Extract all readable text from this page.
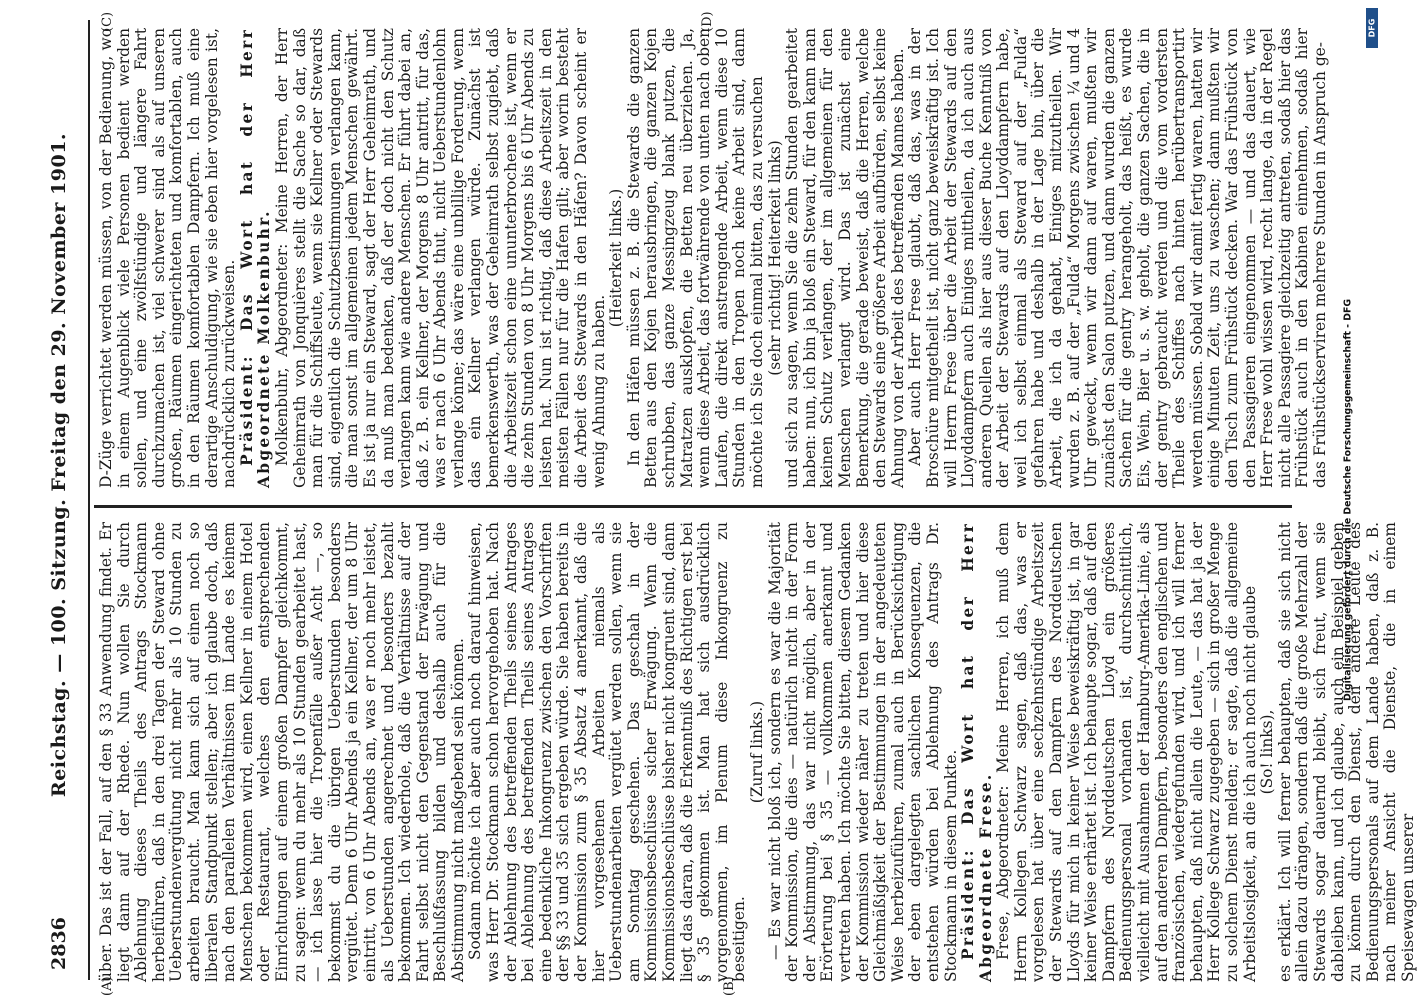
2836
Reichstag. — 100. Sitzung. Freitag den 29. November 1901.
(A)	(B)
(C)	(D)

über. Das ist der Fall, auf den § 33 Anwendung findet. Er liegt dann auf der Rhede. Nun wollen Sie durch Ablehnung dieses Theils des Antrags Stockmann herbeiführen, daß in den drei Tagen der Steward ohne Ueberstundenvergütung nicht mehr als 10 Stunden zu arbeiten braucht. Man kann sich auf einen noch so liberalen Standpunkt stellen; aber ich glaube doch, daß nach den parallelen Verhältnissen im Lande es keinem Menschen bekommen wird, einen Kellner in einem Hotel oder Restaurant, welches den entsprechenden Einrichtungen auf einem großen Dampfer gleichkommt, zu sagen: wenn du mehr als 10 Stunden gearbeitet hast, — ich lasse hier die Tropenfälle außer Acht —, so bekommst du die übrigen Ueberstunden besonders vergütet. Denn 6 Uhr Abends ja ein Kellner, der um 8 Uhr eintritt, von 6 Uhr Abends an, was er noch mehr leistet, als Ueberstunden angerechnet und besonders bezahlt bekommen. Ich wiederhole, daß die Verhältnisse auf der Fahrt selbst nicht den Gegenstand der Erwägung und Beschlußfassung bilden und deshalb auch für die Abstimmung nicht maßgebend sein können. Sodann möchte ich aber auch noch darauf hinweisen, was Herr Dr. Stockmann schon hervorgehoben hat. Nach der Ablehnung des betreffenden Theils seines Antrages bei Ablehnung des betreffenden Theils seines Antrages eine bedenkliche Inkongruenz zwischen den Vorschriften der §§ 33 und 35 sich ergeben würde. Sie haben bereits in der Kommission zum § 35 Absatz 4 anerkannt, daß die hier vorgesehenen Arbeiten niemals als Ueberstundenarbeiten vergütet werden sollen, wenn sie am Sonntag geschehen. Das geschah in der Kommissionsbeschlüsse sicher Erwägung. Wenn die Kommissionsbeschlüsse bisher nicht kongruent sind, dann liegt das daran, daß die Erkenntniß des Richtigen erst bei § 35 gekommen ist. Man hat sich ausdrücklich vorgenommen, im Plenum diese Inkongruenz zu beseitigen.

(Zuruf links.) — Es war nicht bloß ich, sondern es war die Majorität der Kommission, die dies — natürlich nicht in der Form der Abstimmung, das war nicht möglich, aber in der Erörterung bei § 35 — vollkommen anerkannt und vertreten haben. Ich möchte Sie bitten, diesem Gedanken der Kommission wieder näher zu treten und hier diese Gleichmäßigkeit der Bestimmungen in der angedeuteten Weise herbeizuführen, zumal auch in Berücksichtigung der eben dargelegten sachlichen Konsequenzen, die entstehen würden bei Ablehnung des Antrags Dr. Stockmann in diesem Punkte. Präsident: Das Wort hat der Herr Abgeordnete Frese. Frese, Abgeordneter: Meine Herren, ich muß dem Herrn Kollegen Schwarz sagen, daß das, was er vorgelesen hat über eine sechzehnstündige Arbeitszeit der Stewards auf den Dampfern des Norddeutschen Lloyds für mich in keiner Weise beweiskräftig ist, in gar keiner Weise erhärtet ist. Ich behaupte sogar, daß auf den Dampfern des Norddeutschen Lloyd ein größeres Bedienungspersonal vorhanden ist, durchschnittlich, vielleicht mit Ausnahmen der Hamburg-Amerika-Linie, als auf den anderen Dampfern, besonders den englischen und französischen, wiedergefunden wird, und ich will ferner behaupten, daß nicht allein die Leute, — das hat ja der Herr Kollege Schwarz zugegeben — sich in großer Menge zu solchem Dienst melden; er sagte, daß die allgemeine Arbeitslosigkeit, an die ich auch noch nicht glaube (So! links), es erklärt. Ich will ferner behaupten, daß sie sich nicht allein dazu drängen, sondern daß die große Mehrzahl der Stewards sogar dauernd bleibt, sich freut, wenn sie dableiben kann, und ich glaube, auch ein Beispiel geben zu können durch den Dienst, den andere Leute des Bedienungspersonals auf dem Lande haben, daß z. B. nach meiner Ansicht die Dienste, die in einem Speisewagen unserer

D-Züge verrichtet werden müssen, von der Bedienung, wo in einem Augenblick viele Personen bedient werden sollen, und eine zwölfstündige und längere Fahrt durchzumachen ist, viel schwerer sind als auf unseren großen, Räumen eingerichteten und komfortablen, auch in den Räumen komfortablen Dampfern. Ich muß eine derartige Anschuldigung, wie sie eben hier vorgelesen ist, nachdrücklich zurückweisen. Präsident: Das Wort hat der Herr Abgeordnete Molkenbuhr. Molkenbuhr, Abgeordneter: Meine Herren, der Herr Geheimrath von Jonquières stellt die Sache so dar, daß man für die Schiffsleute, wenn sie Kellner oder Stewards sind, eigentlich die Schutzbestimmungen verlangen kann, die man sonst im allgemeinen jedem Menschen gewährt. Es ist ja nur ein Steward, sagt der Herr Geheimrath, und da muß man bedenken, daß der doch nicht den Schutz verlangen kann wie andere Menschen. Er führt dabei an, daß z. B. ein Kellner, der Morgens 8 Uhr antritt, für das, was er nach 6 Uhr Abends thut, nicht Ueberstundenlohn verlange könne; das wäre eine unbillige Forderung, wenn das ein Kellner verlangen würde. Zunächst ist bemerkenswerth, was der Geheimrath selbst zugiebt, daß die Arbeitszeit schon eine ununterbrochene ist, wenn er die zehn Stunden von 8 Uhr Morgens bis 6 Uhr Abends zu leisten hat. Nun ist richtig, daß diese Arbeitszeit in den meisten Fällen nur für die Hafen gilt; aber worin besteht die Arbeit des Stewards in den Häfen? Davon scheint er wenig Ahnung zu haben.

(Heiterkeit links.) In den Häfen müssen z. B. die Stewards die ganzen Betten aus den Kojen herausbringen, die ganzen Kojen schrubben, das ganze Messingzeug blank putzen, die Matratzen ausklopfen, die Betten neu überziehen. Ja, wenn diese Arbeit, das fortwährende von unten nach oben Laufen, die direkt anstrengende Arbeit, wenn diese 10 Stunden in den Tropen noch keine Arbeit sind, dann möchte ich Sie doch einmal bitten, das zu versuchen (sehr richtig! Heiterkeit links) und sich zu sagen, wenn Sie die zehn Stunden gearbeitet haben: nun, ich bin ja bloß ein Steward, für den kann man keinen Schutz verlangen, der im allgemeinen für den Menschen verlangt wird. Das ist zunächst eine Bemerkung, die gerade beweist, daß die Herren, welche den Stewards eine größere Arbeit aufbürden, selbst keine Ahnung von der Arbeit des betreffenden Mannes haben. Aber auch Herr Frese glaubt, daß das, was in der Broschüre mitgetheilt ist, nicht ganz beweiskräftig ist. Ich will Herrn Frese über die Arbeit der Stewards auf den Lloyddampfern auch Einiges mittheilen, da ich auch aus anderen Quellen als hier aus dieser Buche Kenntniß von der Arbeit der Stewards auf den Lloyddampfern habe, weil ich selbst einmal als Steward auf der „Fulda“ gefahren habe und deshalb in der Lage bin, über die Arbeit, die ich da gehabt, Einiges mitzutheilen. Wir wurden z. B. auf der „Fulda“ Morgens zwischen ¼ und 4 Uhr geweckt, wenn wir dann auf waren, mußten wir zunächst den Salon putzen, und dann wurden die ganzen Sachen für die gentry herangeholt, das heißt, es wurde Eis, Wein, Bier u. s. w. geholt, die ganzen Sachen, die in der gentry gebraucht werden und die vom vordersten Theile des Schiffes nach hinten herübertransportirt werden müssen. Sobald wir damit fertig waren, hatten wir einige Minuten Zeit, uns zu waschen; dann mußten wir den Tisch zum Frühstück decken. War das Frühstück von den Passagieren eingenommen — und das dauert, wie Herr Frese wohl wissen wird, recht lange, da in der Regel nicht alle Passagiere gleichzeitig antreten, sodaß hier das Frühstück auch in den Kabinen einnehmen, sodaß hier das Frühstückserviren mehrere Stunden in Anspruch ge-

Digitalisierung gefördert durch die Deutsche Forschungsgemeinschaft - DFG
DFG
